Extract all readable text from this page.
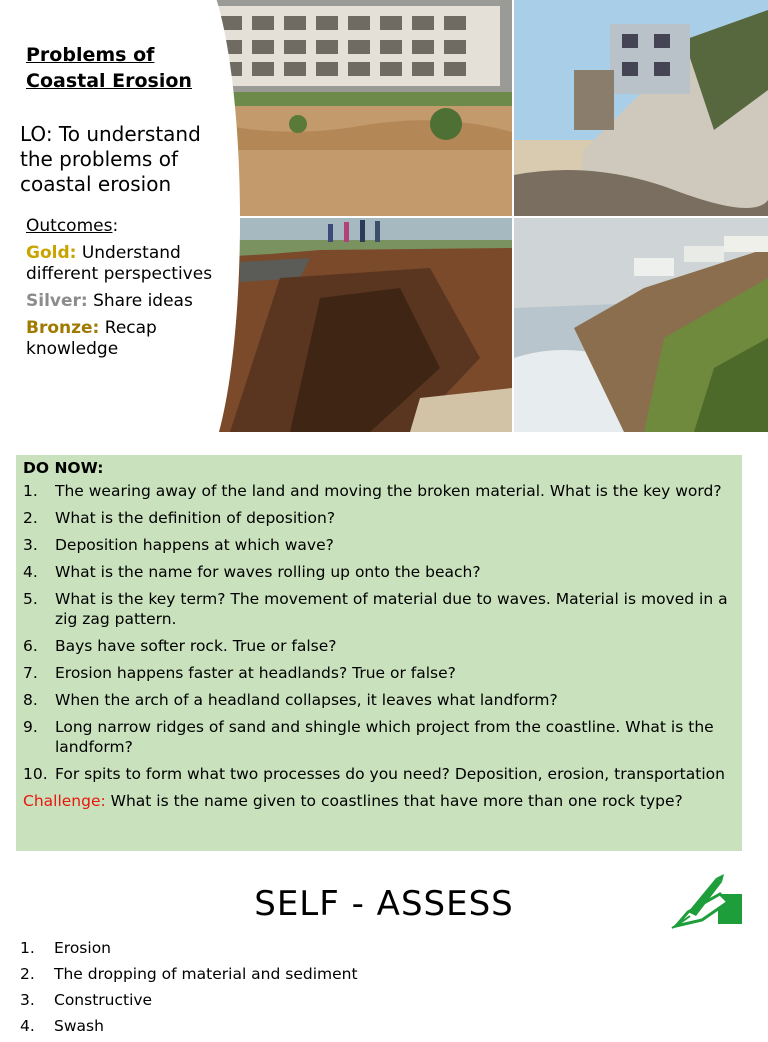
Problems of
Coastal Erosion
LO: To understand the problems of coastal erosion
Outcomes:
Gold: Understand different perspectives
Silver: Share ideas
Bronze: Recap knowledge
DO NOW:
1.	The wearing away of the land and moving the broken material. What is the key word?
2.	What is the definition of deposition?
3.	Deposition happens at which wave?
4.	What is the name for waves rolling up onto the beach?
5.	What is the key term? The movement of material due to waves. Material is moved in a zig zag pattern.
6.	Bays have softer rock. True or false?
7.	Erosion happens faster at headlands? True or false?
8.	When the arch of a headland collapses, it leaves what landform?
9.	Long narrow ridges of sand and shingle which project from the coastline. What is the landform?
10. For spits to form what two processes do you need? Deposition, erosion, transportation
Challenge: What is the name given to coastlines that have more than one rock type?
SELF - ASSESS
1.	Erosion
2.	The dropping of material and sediment
3.	Constructive
4.	Swash
